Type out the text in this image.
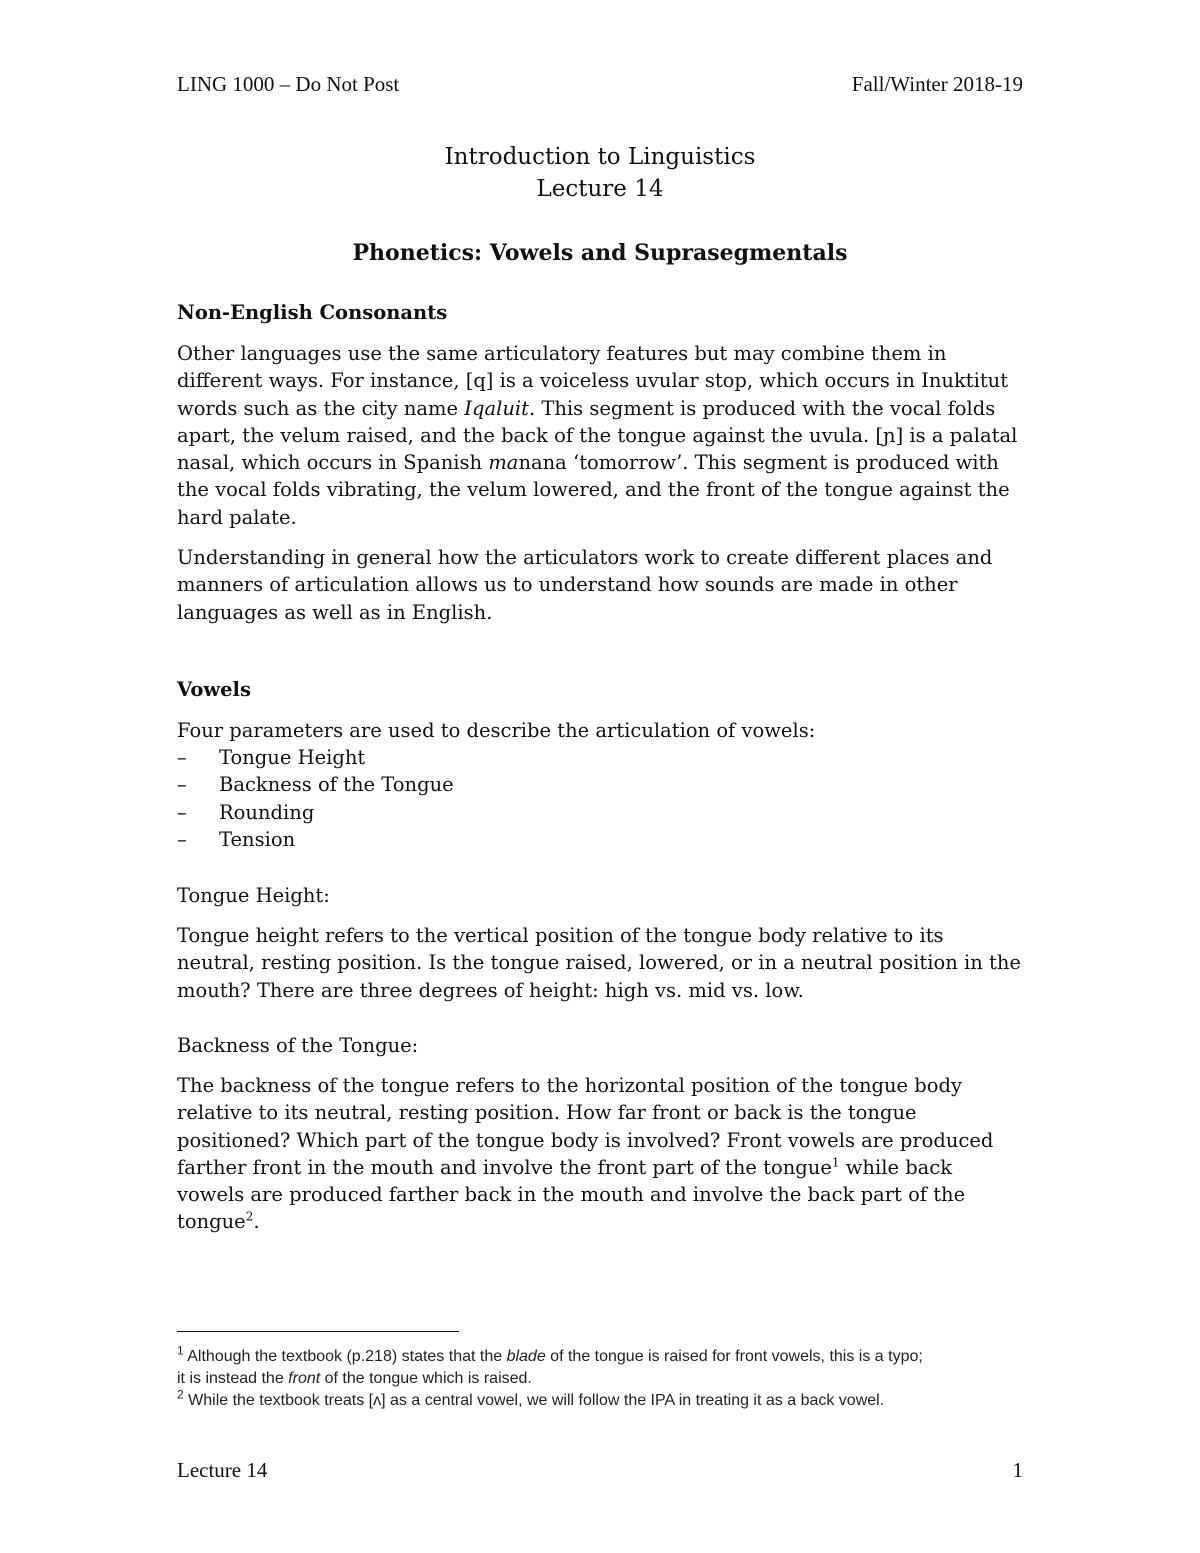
LING 1000 – Do Not Post	Fall/Winter 2018-19
Introduction to Linguistics
Lecture 14
Phonetics: Vowels and Suprasegmentals
Non-English Consonants
Other languages use the same articulatory features but may combine them in
different ways. For instance, [q] is a voiceless uvular stop, which occurs in Inuktitut
words such as the city name Iqaluit. This segment is produced with the vocal folds
apart, the velum raised, and the back of the tongue against the uvula. [ɲ] is a palatal
nasal, which occurs in Spanish manana ‘tomorrow’. This segment is produced with
the vocal folds vibrating, the velum lowered, and the front of the tongue against the
hard palate.
Understanding in general how the articulators work to create different places and
manners of articulation allows us to understand how sounds are made in other
languages as well as in English.
Vowels
Four parameters are used to describe the articulation of vowels:
– Tongue Height
– Backness of the Tongue
– Rounding
– Tension
Tongue Height:
Tongue height refers to the vertical position of the tongue body relative to its
neutral, resting position. Is the tongue raised, lowered, or in a neutral position in the
mouth? There are three degrees of height: high vs. mid vs. low.
Backness of the Tongue:
The backness of the tongue refers to the horizontal position of the tongue body
relative to its neutral, resting position. How far front or back is the tongue
positioned? Which part of the tongue body is involved? Front vowels are produced
farther front in the mouth and involve the front part of the tongue$^1$ while back
vowels are produced farther back in the mouth and involve the back part of the
tongue$^2$.
$^1$ Although the textbook (p.218) states that the blade of the tongue is raised for front vowels, this is a typo;
it is instead the front of the tongue which is raised.
$^2$ While the textbook treats [ʌ] as a central vowel, we will follow the IPA in treating it as a back vowel.
Lecture 14	1
